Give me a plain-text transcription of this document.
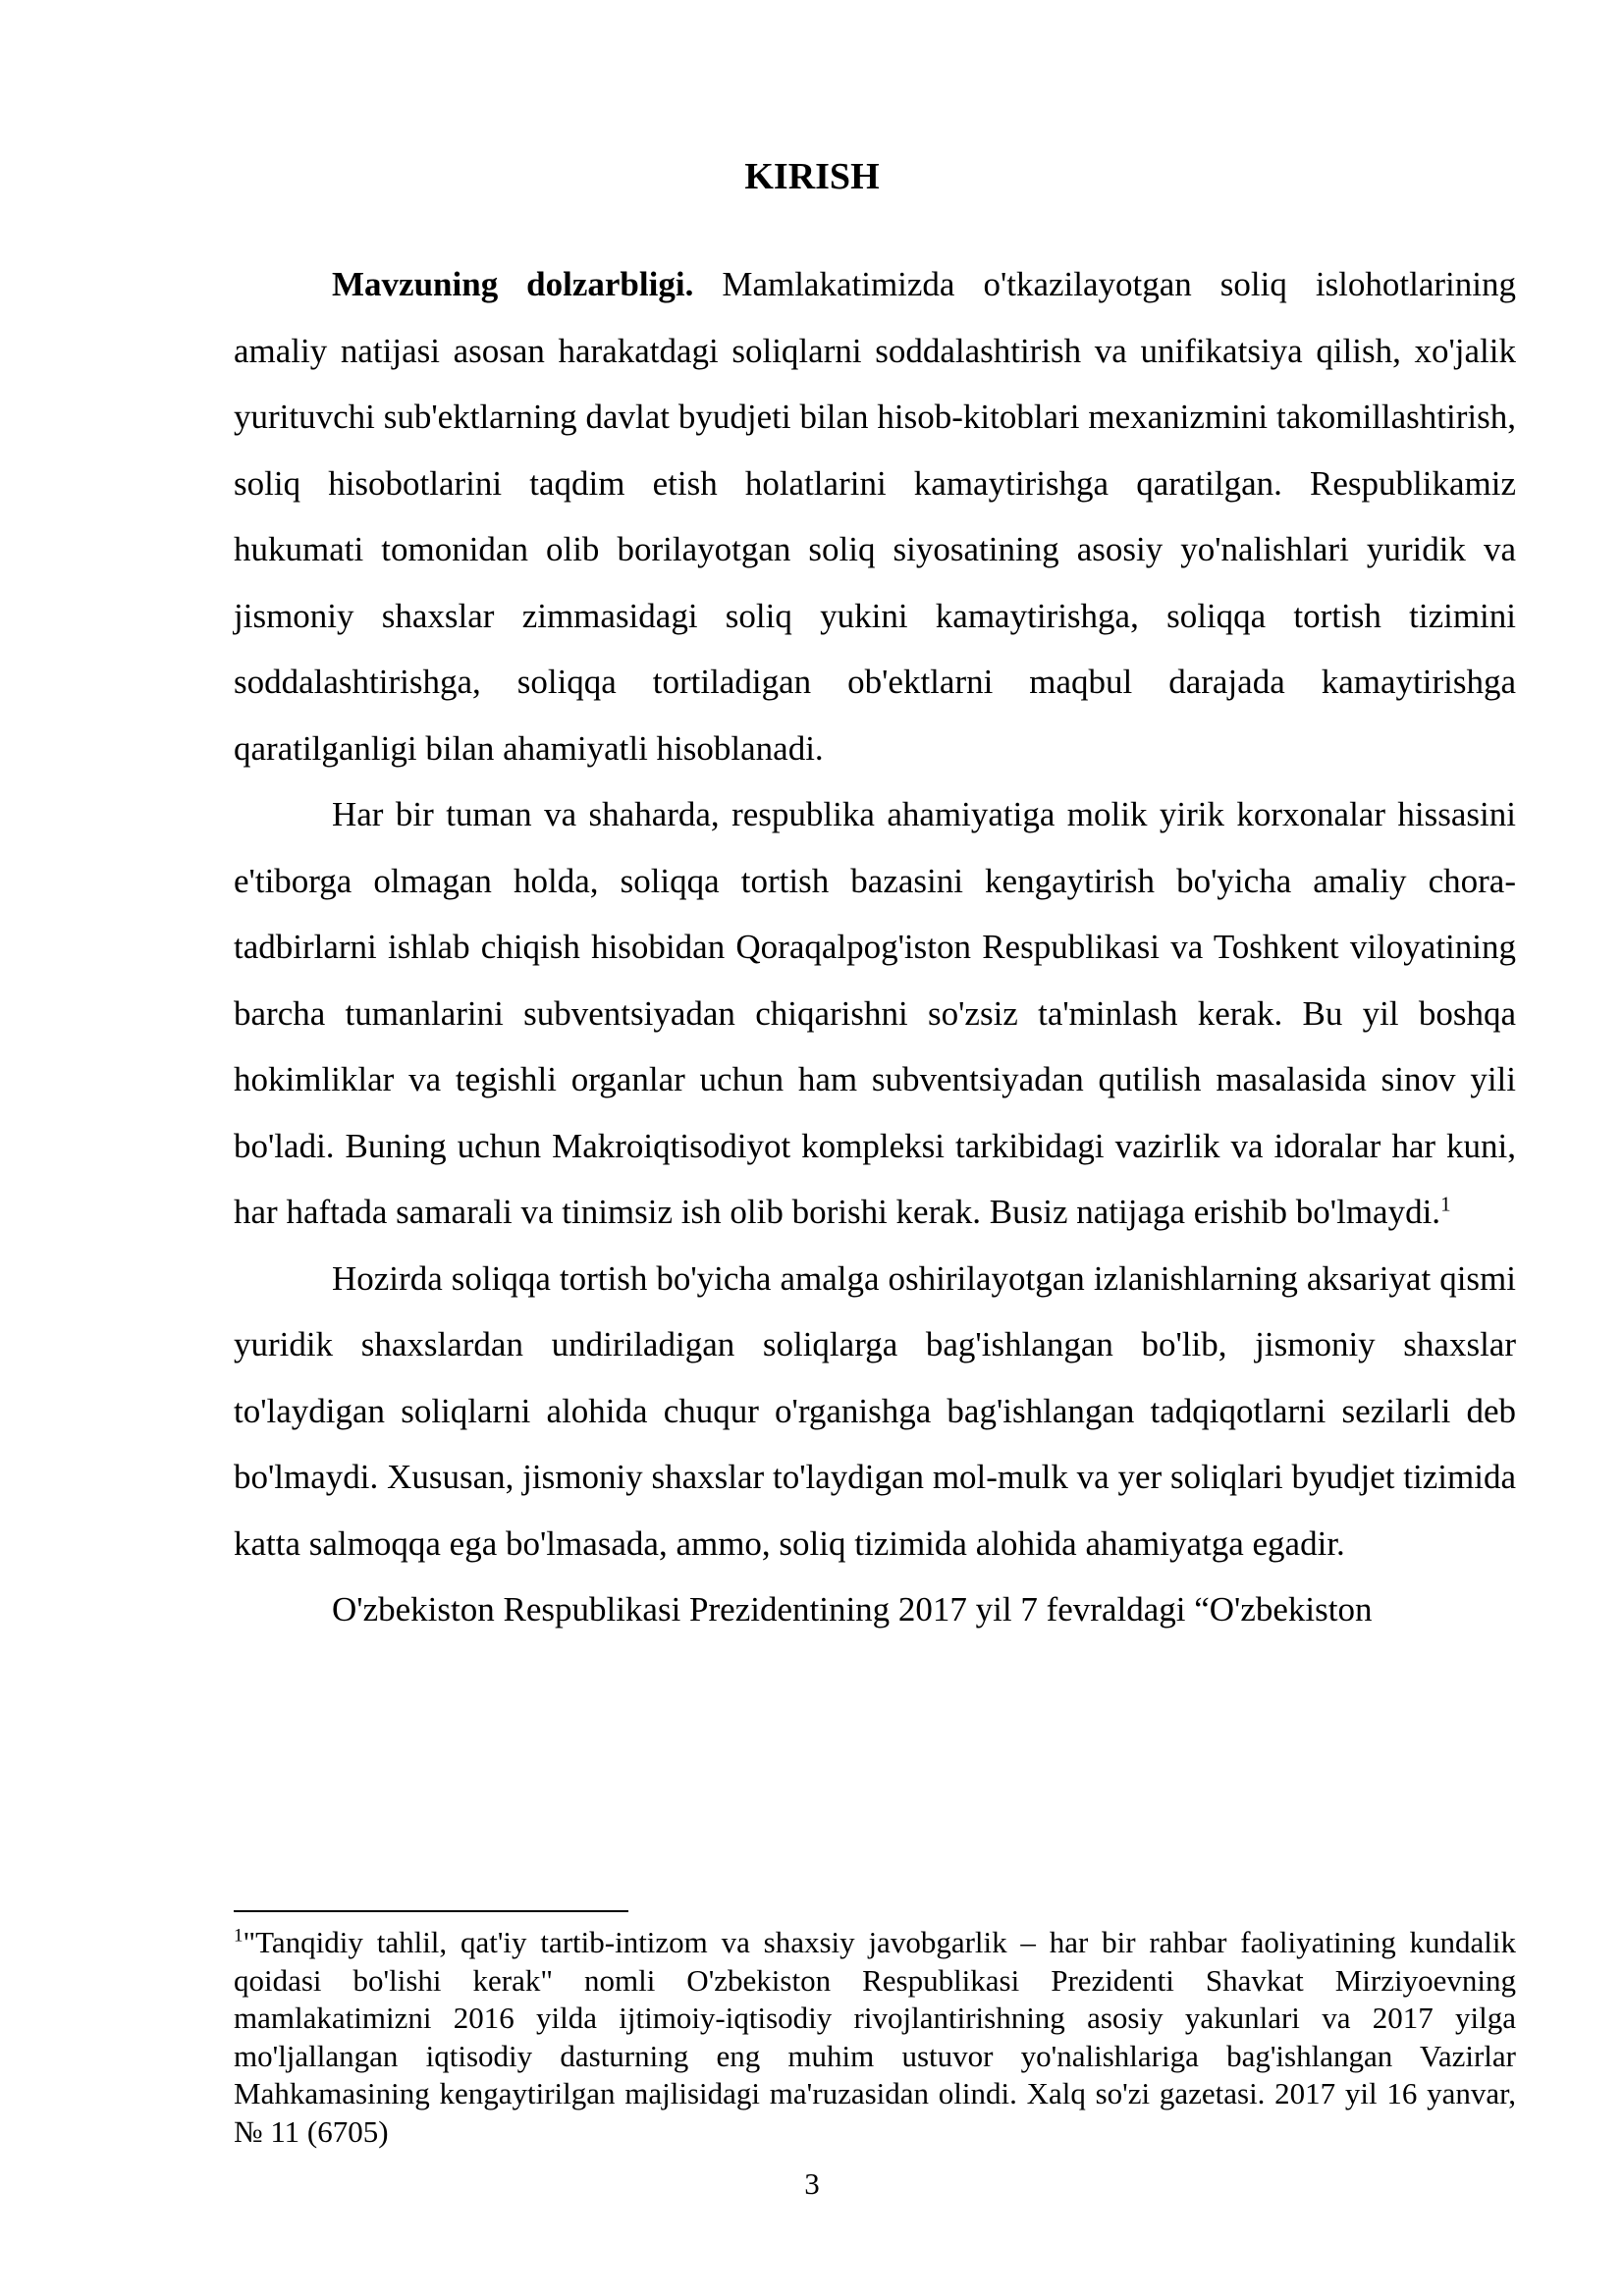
KIRISH

Mavzuning dolzarbligi. Mamlakatimizda o'tkazilayotgan soliq islohotlarining amaliy natijasi asosan harakatdagi soliqlarni soddalashtirish va unifikatsiya qilish, xo'jalik yurituvchi sub'ektlarning davlat byudjeti bilan hisob-kitoblari mexanizmini takomillashtirish, soliq hisobotlarini taqdim etish holatlarini kamaytirishga qaratilgan. Respublikamiz hukumati tomonidan olib borilayotgan soliq siyosatining asosiy yo'nalishlari yuridik va jismoniy shaxslar zimmasidagi soliq yukini kamaytirishga, soliqqa tortish tizimini soddalashtirishga, soliqqa tortiladigan ob'ektlarni maqbul darajada kamaytirishga qaratilganligi bilan ahamiyatli hisoblanadi.

Har bir tuman va shaharda, respublika ahamiyatiga molik yirik korxonalar hissasini e'tiborga olmagan holda, soliqqa tortish bazasini kengaytirish bo'yicha amaliy chora-tadbirlarni ishlab chiqish hisobidan Qoraqalpog'iston Respublikasi va Toshkent viloyatining barcha tumanlarini subventsiyadan chiqarishni so'zsiz ta'minlash kerak. Bu yil boshqa hokimliklar va tegishli organlar uchun ham subventsiyadan qutilish masalasida sinov yili bo'ladi. Buning uchun Makroiqtisodiyot kompleksi tarkibidagi vazirlik va idoralar har kuni, har haftada samarali va tinimsiz ish olib borishi kerak. Busiz natijaga erishib bo'lmaydi.$^1$

Hozirda soliqqa tortish bo'yicha amalga oshirilayotgan izlanishlarning aksariyat qismi yuridik shaxslardan undiriladigan soliqlarga bag'ishlangan bo'lib, jismoniy shaxslar to'laydigan soliqlarni alohida chuqur o'rganishga bag'ishlangan tadqiqotlarni sezilarli deb bo'lmaydi. Xususan, jismoniy shaxslar to'laydigan mol-mulk va yer soliqlari byudjet tizimida katta salmoqqa ega bo'lmasada, ammo, soliq tizimida alohida ahamiyatga egadir.

O'zbekiston Respublikasi Prezidentining 2017 yil 7 fevraldagi “O'zbekiston

$^1$"Tanqidiy tahlil, qat'iy tartib-intizom va shaxsiy javobgarlik – har bir rahbar faoliyatining kundalik qoidasi bo'lishi kerak" nomli O'zbekiston Respublikasi Prezidenti Shavkat Mirziyoevning mamlakatimizni 2016 yilda ijtimoiy-iqtisodiy rivojlantirishning asosiy yakunlari va 2017 yilga mo'ljallangan iqtisodiy dasturning eng muhim ustuvor yo'nalishlariga bag'ishlangan Vazirlar Mahkamasining kengaytirilgan majlisidagi ma'ruzasidan olindi. Xalq so'zi gazetasi. 2017 yil 16 yanvar, № 11 (6705)

3
